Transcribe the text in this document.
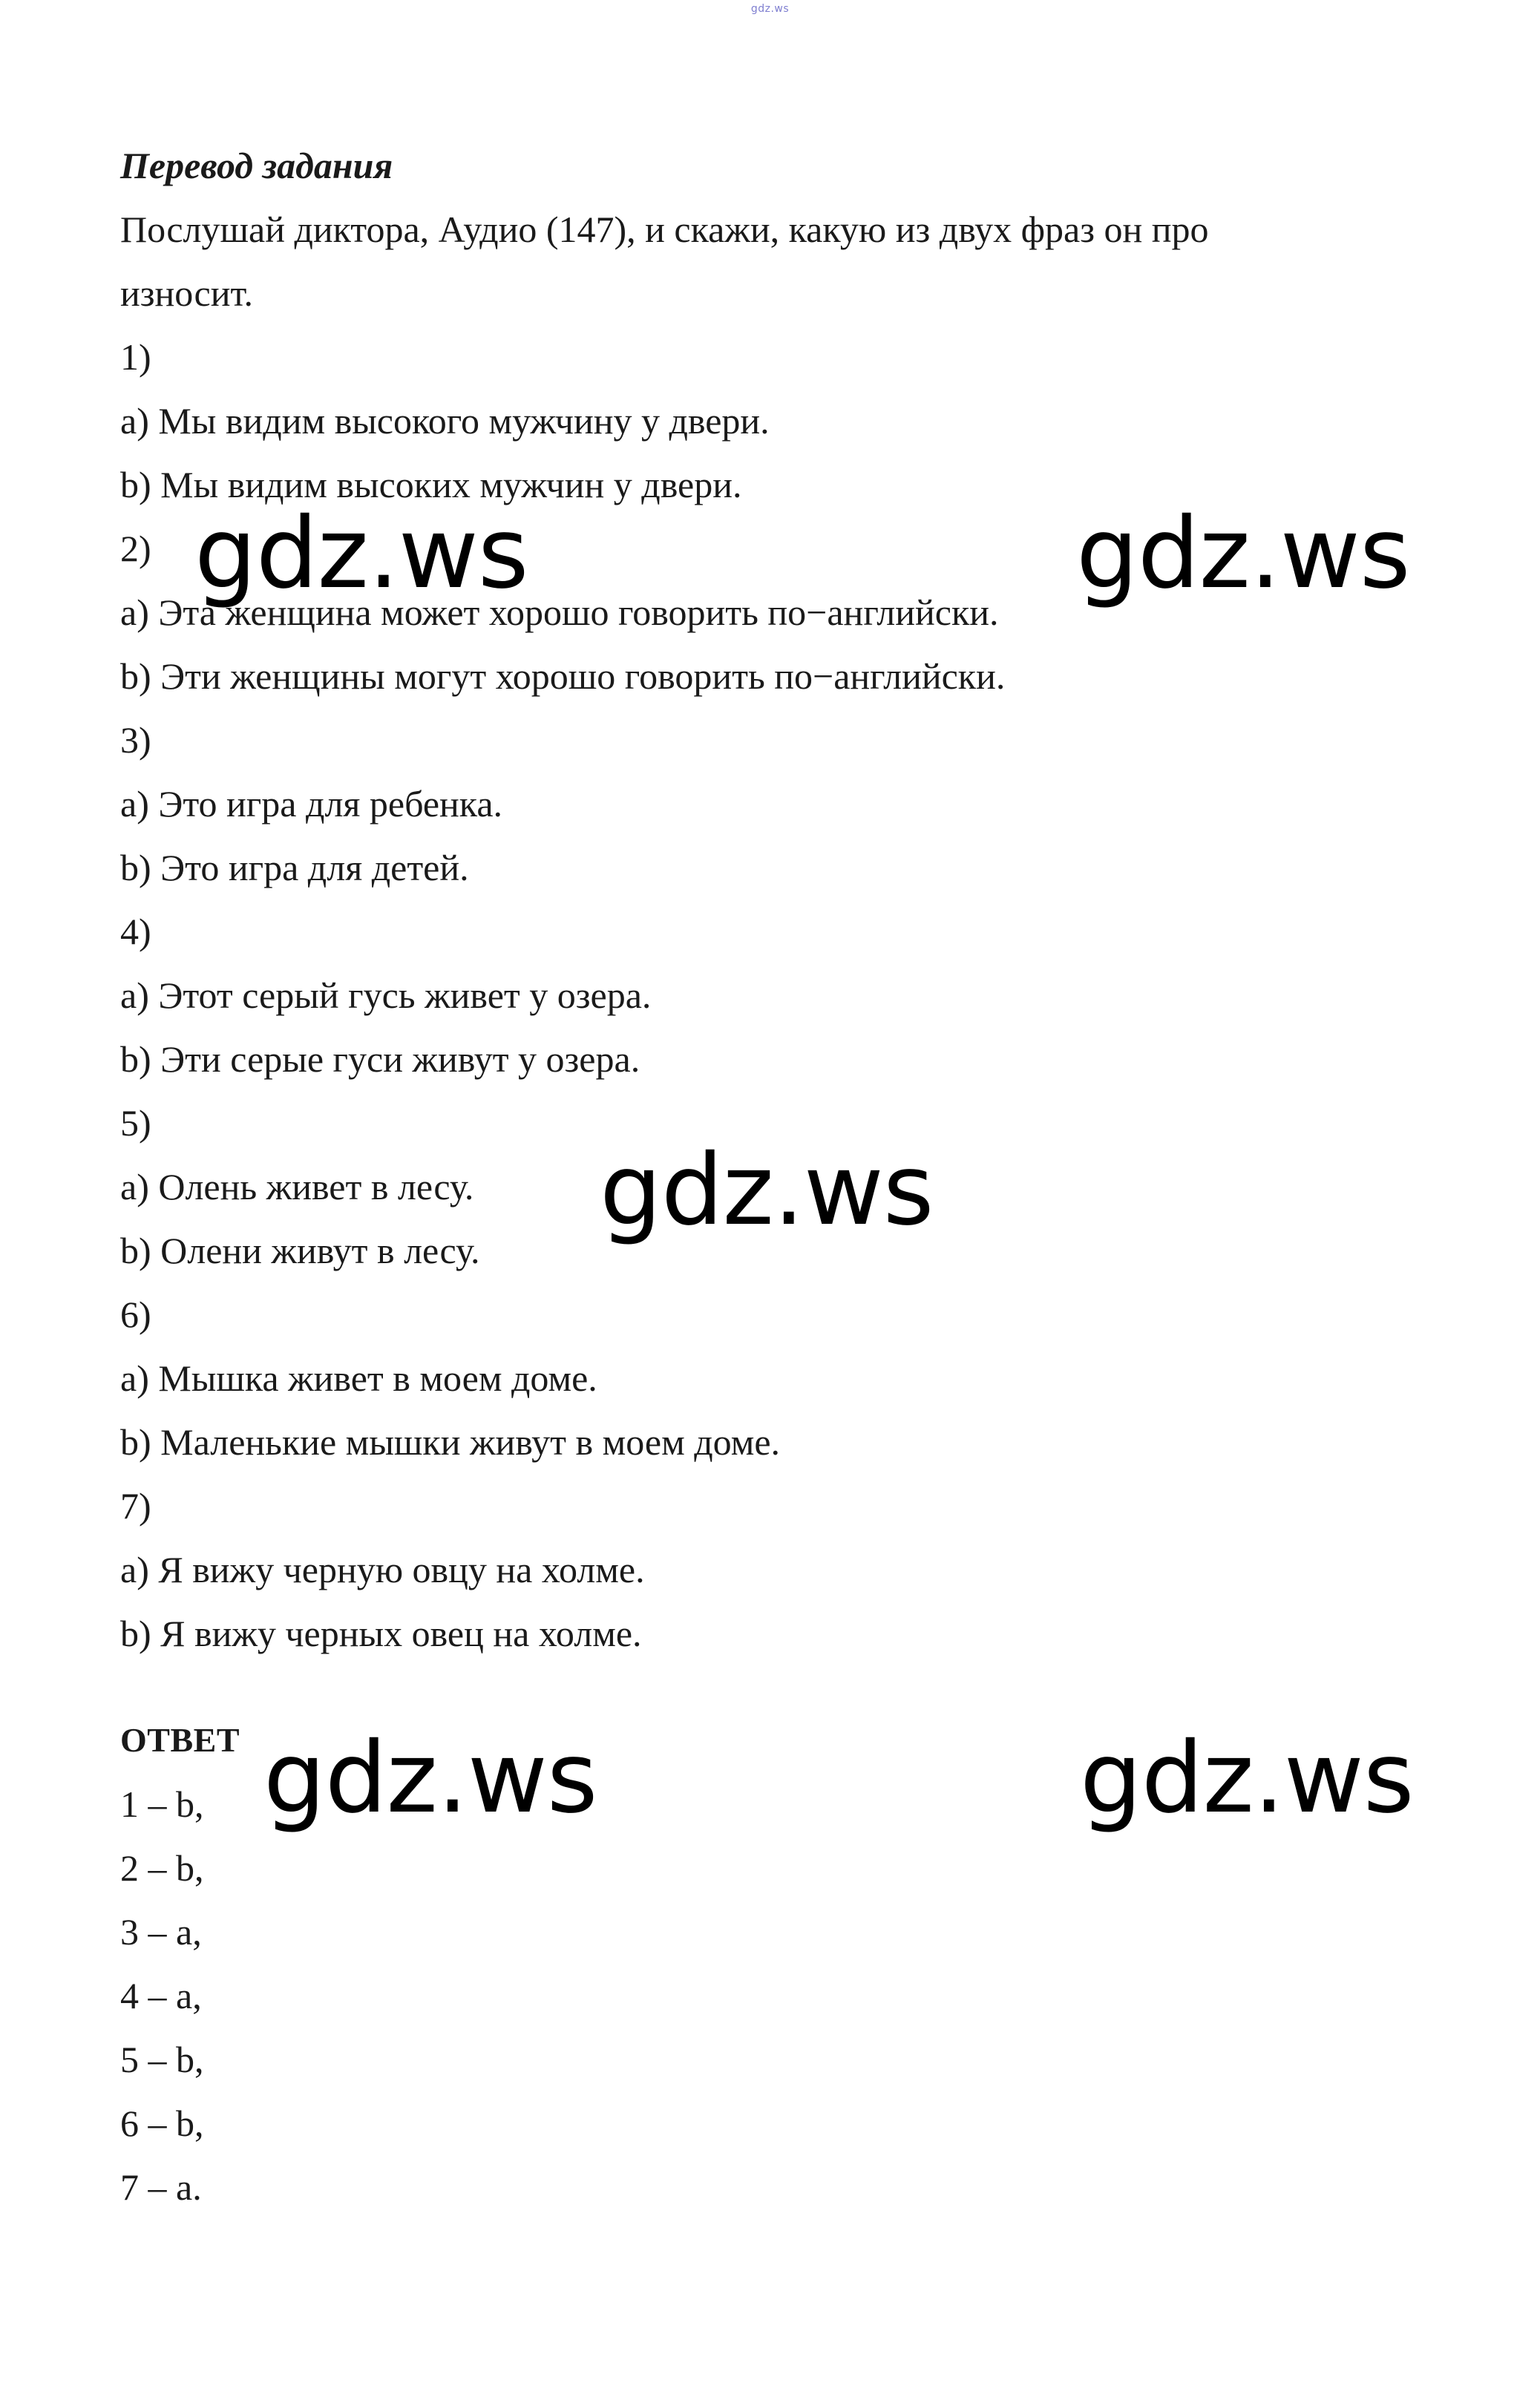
gdz.ws

Перевод задания

Послушай диктора, Аудио (147), и скажи, какую из двух фраз он про

износит.

1)

a) Мы видим высокого мужчину у двери.

b) Мы видим высоких мужчин у двери.

2)

a) Эта женщина может хорошо говорить по−английски.

b) Эти женщины могут хорошо говорить по−английски.

3)

a) Это игра для ребенка.

b) Это игра для детей.

4)

a) Этот серый гусь живет у озера.

b) Эти серые гуси живут у озера.

5)

a) Олень живет в лесу.

b) Олени живут в лесу.

6)

a) Мышка живет в моем доме.

b) Маленькие мышки живут в моем доме.

7)

a) Я вижу черную овцу на холме.

b) Я вижу черных овец на холме.

ОТВЕТ

1 – b,

2 – b,

3 – a,

4 – a,

5 – b,

6 – b,

7 – a.

gdz.ws	gdz.ws
gdz.ws
gdz.ws	gdz.ws
